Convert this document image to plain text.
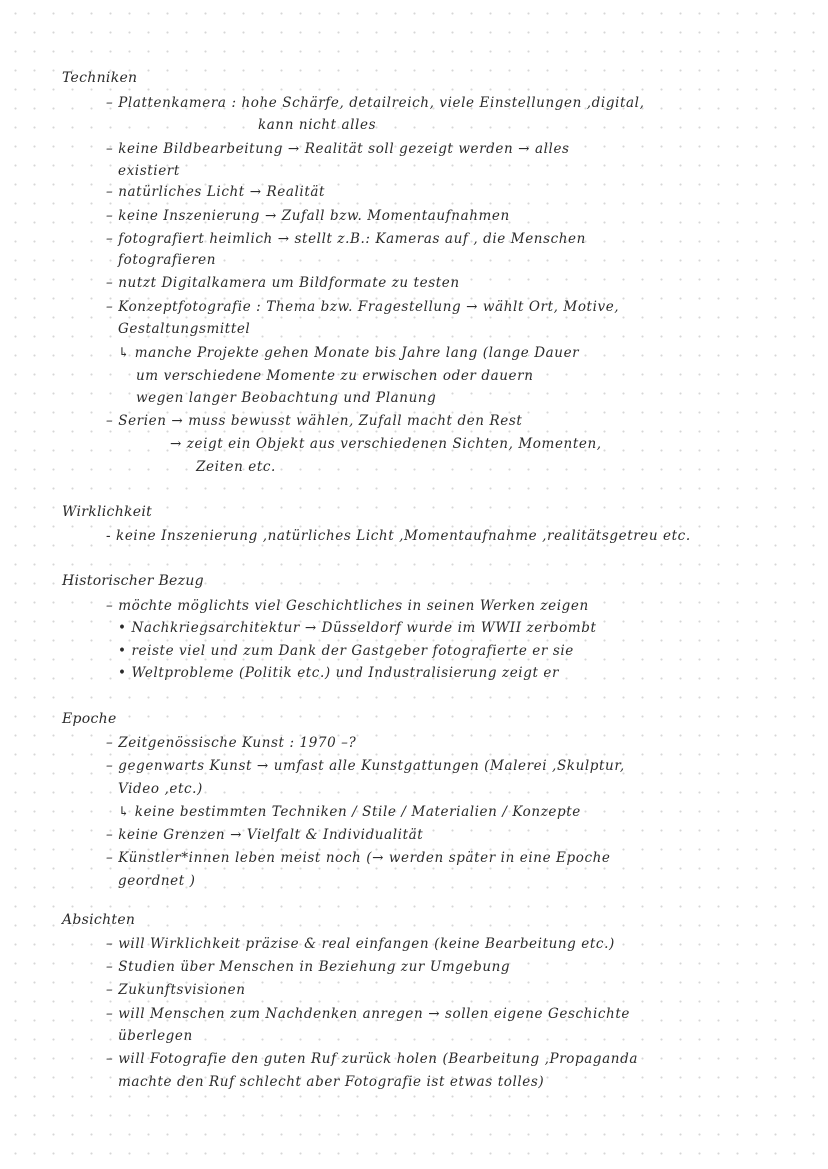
Techniken
– Plattenkamera : hohe Schärfe, detailreich, viele Einstellungen ,digital,
kann nicht alles
– keine Bildbearbeitung → Realität soll gezeigt werden → alles
existiert
– natürliches Licht → Realität
– keine Inszenierung → Zufall bzw. Momentaufnahmen
– fotografiert heimlich → stellt z.B.: Kameras auf , die Menschen
fotografieren
– nutzt Digitalkamera um Bildformate zu testen
– Konzeptfotografie : Thema bzw. Fragestellung → wählt Ort, Motive,
Gestaltungsmittel
↳ manche Projekte gehen Monate bis Jahre lang (lange Dauer
um verschiedene Momente zu erwischen oder dauern
wegen langer Beobachtung und Planung
– Serien → muss bewusst wählen, Zufall macht den Rest
→ zeigt ein Objekt aus verschiedenen Sichten, Momenten,
Zeiten etc.
Wirklichkeit
- keine Inszenierung ,natürliches Licht ,Momentaufnahme ,realitätsgetreu etc.
Historischer Bezug
– möchte möglichts viel Geschichtliches in seinen Werken zeigen
• Nachkriegsarchitektur → Düsseldorf wurde im WWII zerbombt
• reiste viel und zum Dank der Gastgeber fotografierte er sie
• Weltprobleme (Politik etc.) und Industralisierung zeigt er
Epoche
– Zeitgenössische Kunst : 1970 –?
– gegenwarts Kunst → umfast alle Kunstgattungen (Malerei ,Skulptur,
Video ,etc.)
↳ keine bestimmten Techniken / Stile / Materialien / Konzepte
– keine Grenzen → Vielfalt & Individualität
– Künstler*innen leben meist noch (→ werden später in eine Epoche
geordnet )
Absichten
– will Wirklichkeit präzise & real einfangen (keine Bearbeitung etc.)
– Studien über Menschen in Beziehung zur Umgebung
– Zukunftsvisionen
– will Menschen zum Nachdenken anregen → sollen eigene Geschichte
überlegen
– will Fotografie den guten Ruf zurück holen (Bearbeitung ,Propaganda
machte den Ruf schlecht aber Fotografie ist etwas tolles)
